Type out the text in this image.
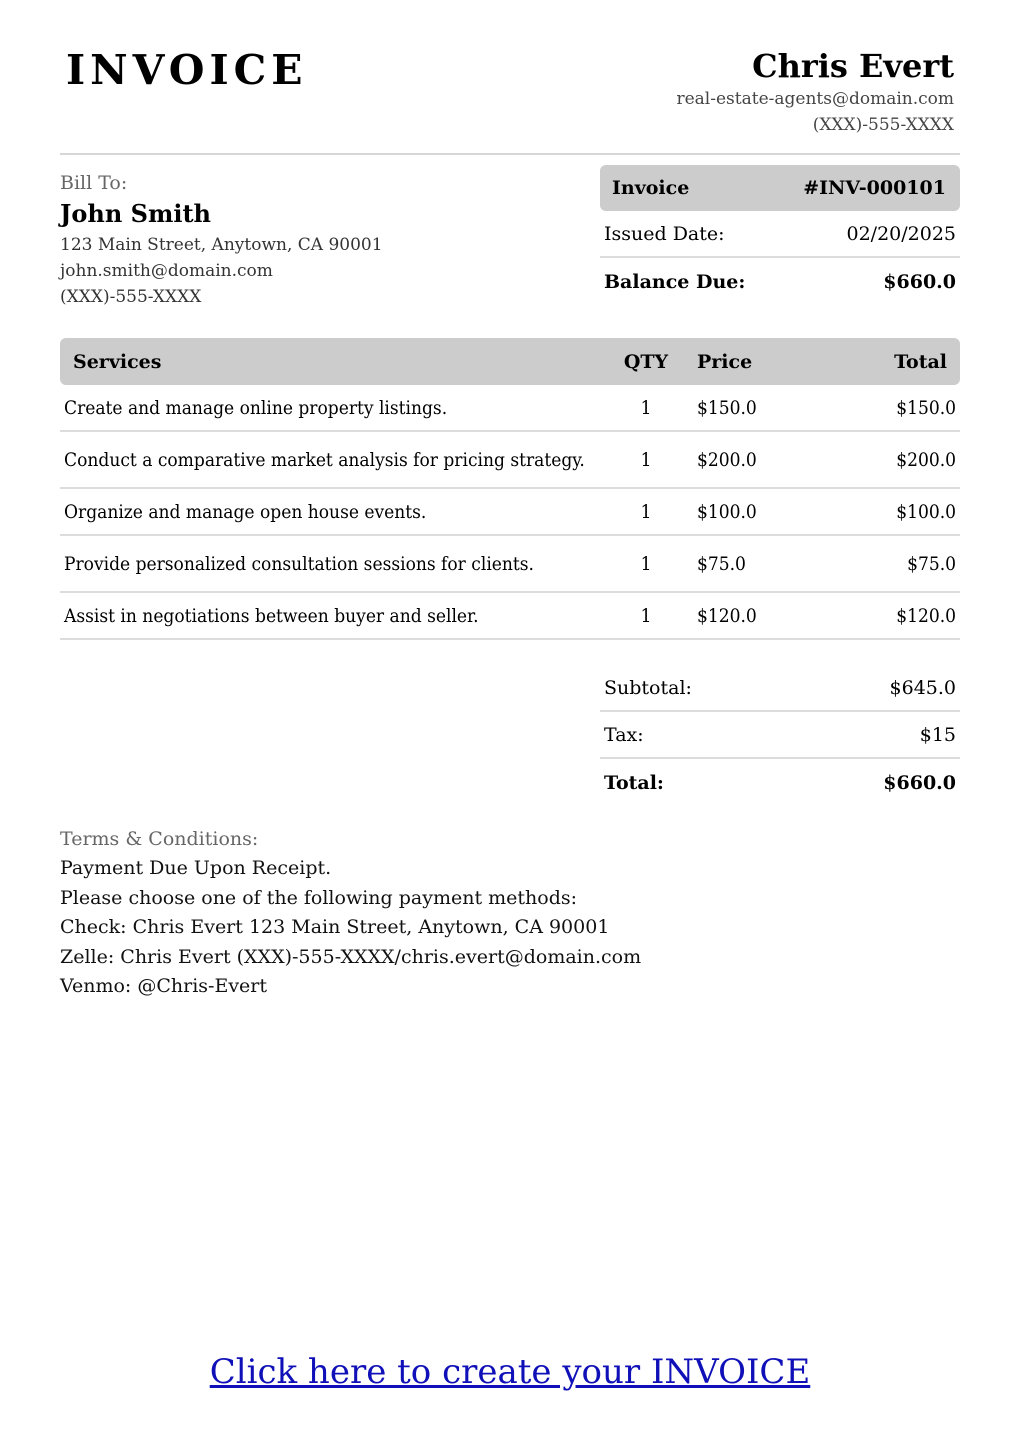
INVOICE	Chris Evert
real-estate-agents@domain.com
(XXX)-555-XXXX
Bill To:
John Smith
123 Main Street, Anytown, CA 90001
john.smith@domain.com
(XXX)-555-XXXX
Invoice	#INV-000101
Issued Date:	02/20/2025
Balance Due:	$660.0
Services	QTY	Price	Total
Create and manage online property listings.	1	$150.0	$150.0
Conduct a comparative market analysis for pricing strategy.	1	$200.0	$200.0
Organize and manage open house events.	1	$100.0	$100.0
Provide personalized consultation sessions for clients.	1	$75.0	$75.0
Assist in negotiations between buyer and seller.	1	$120.0	$120.0
Subtotal:	$645.0
Tax:	$15
Total:	$660.0
Terms & Conditions:
Payment Due Upon Receipt.
Please choose one of the following payment methods:
Check: Chris Evert 123 Main Street, Anytown, CA 90001
Zelle: Chris Evert (XXX)-555-XXXX/chris.evert@domain.com
Venmo: @Chris-Evert
Click here to create your INVOICE
